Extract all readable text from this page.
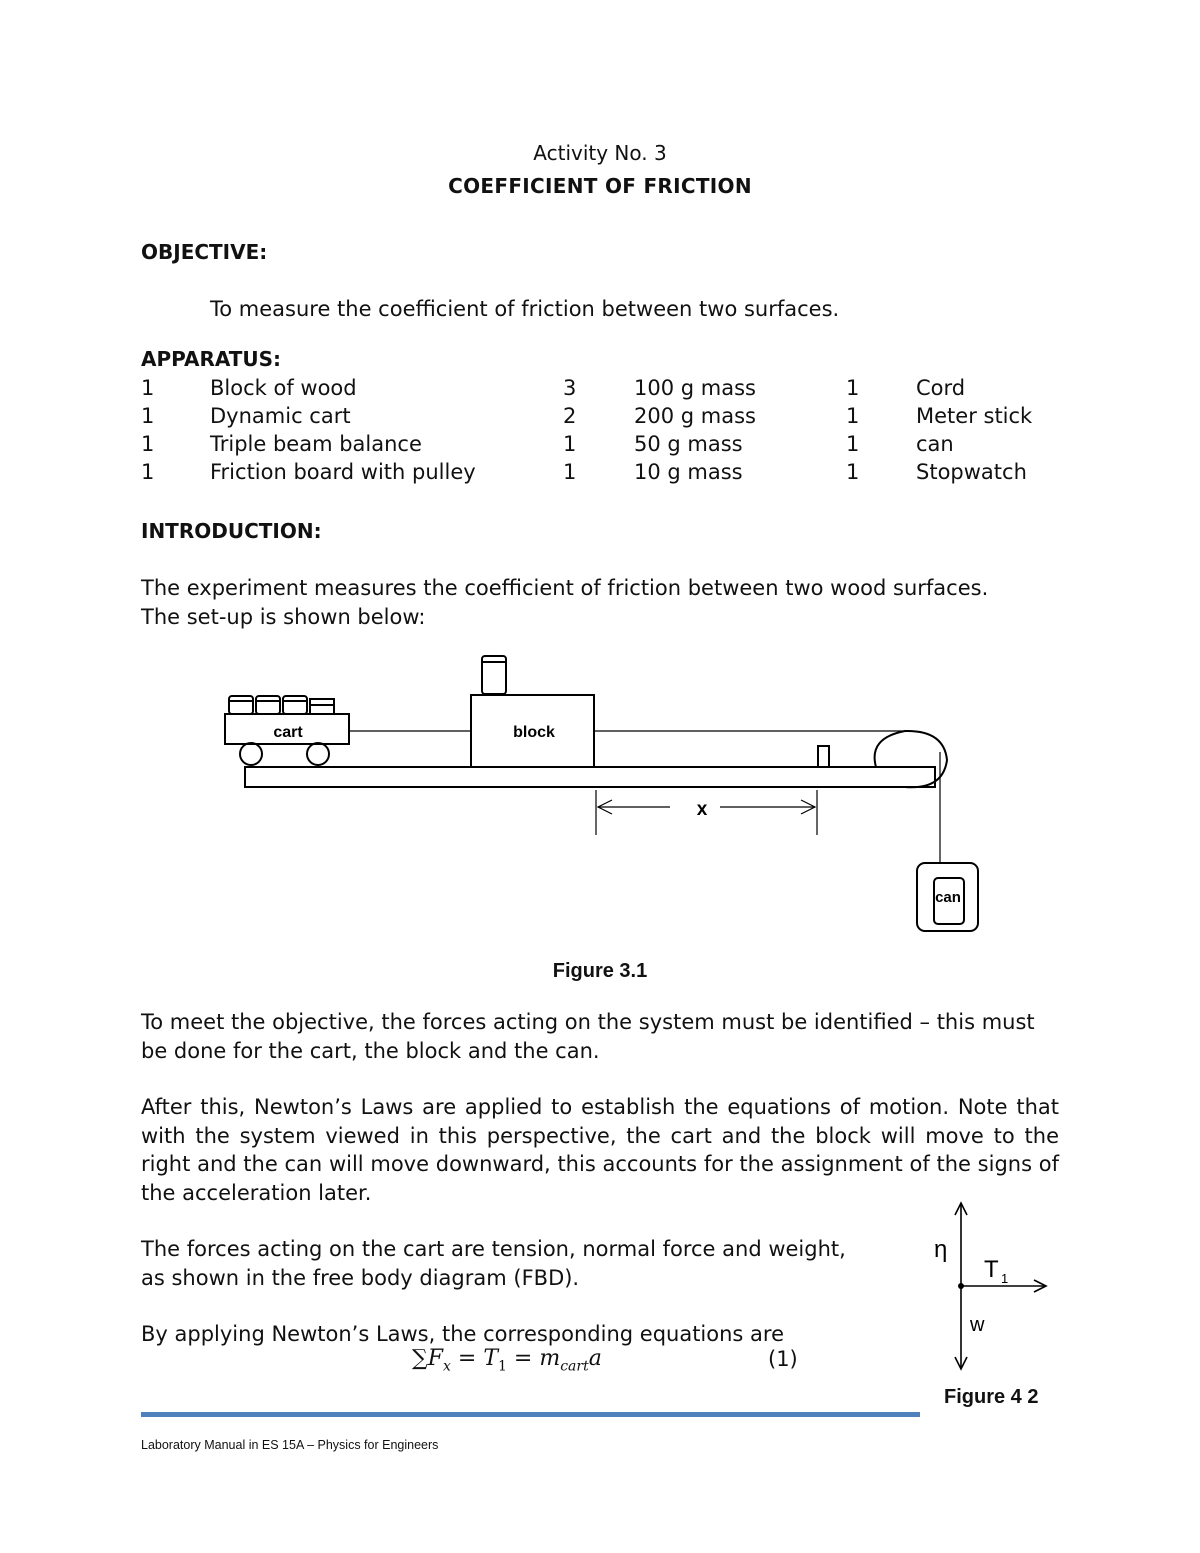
Activity No. 3
COEFFICIENT OF FRICTION
OBJECTIVE:
To measure the coefficient of friction between two surfaces.
APPARATUS:
1	Block of wood	3	100 g mass	1	Cord
1	Dynamic cart	2	200 g mass	1	Meter stick
1	Triple beam balance	1	50 g mass	1	can
1	Friction board with pulley	1	10 g mass	1	Stopwatch
INTRODUCTION:
The experiment measures the coefficient of friction between two wood surfaces. The set-up is shown below:
cart	block
x
can
Figure 3.1
To meet the objective, the forces acting on the system must be identified – this must be done for the cart, the block and the can.
After this, Newton’s Laws are applied to establish the equations of motion. Note that with the system viewed in this perspective, the cart and the block will move to the right and the can will move downward, this accounts for the assignment of the signs of the acceleration later.
The forces acting on the cart are tension, normal force and weight, as shown in the free body diagram (FBD).
By applying Newton’s Laws, the corresponding equations are
$\sum F_x = T_1 = m_{cart}a$	(1)
η
T 1
w
Figure 4 2
Laboratory Manual in ES 15A – Physics for Engineers
